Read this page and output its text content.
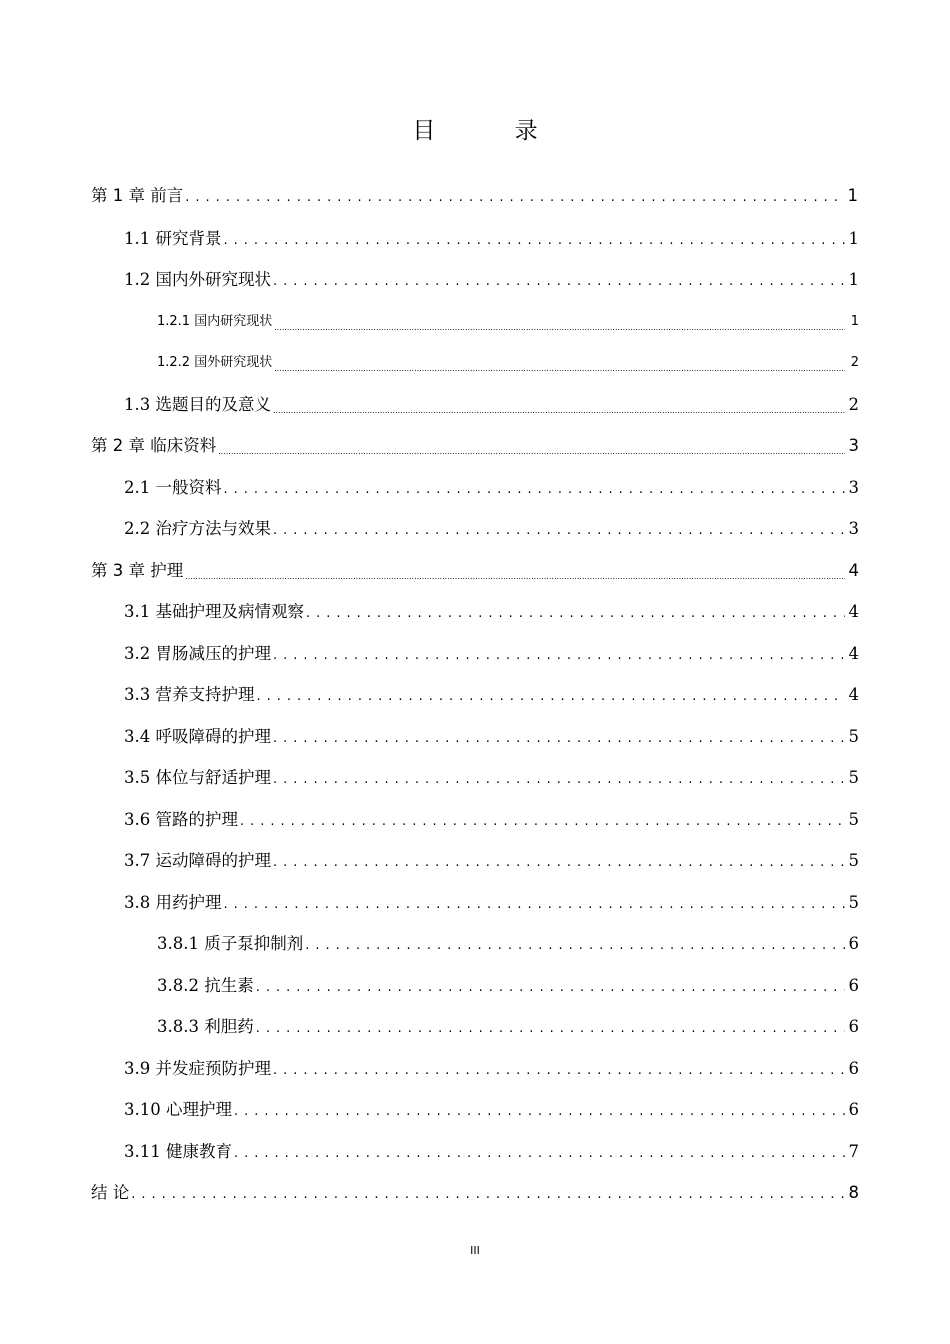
目 录
第 1 章 前言 .....	1
1.1 研究背景 .....	1
1.2 国内外研究现状 .....	1
1.2.1 国内研究现状 .....	1
1.2.2 国外研究现状 .....	2
1.3 选题目的及意义 .....	2
第 2 章 临床资料 .....	3
2.1 一般资料 .....	3
2.2 治疗方法与效果 .....	3
第 3 章 护理 .....	4
3.1 基础护理及病情观察 .....	4
3.2 胃肠减压的护理 .....	4
3.3 营养支持护理 .....	4
3.4 呼吸障碍的护理 .....	5
3.5 体位与舒适护理 .....	5
3.6 管路的护理 .....	5
3.7 运动障碍的护理 .....	5
3.8 用药护理 .....	5
3.8.1 质子泵抑制剂 .....	6
3.8.2 抗生素 .....	6
3.8.3 利胆药 .....	6
3.9 并发症预防护理 .....	6
3.10 心理护理 .....	6
3.11 健康教育 .....	7
结 论 .....	8
III
